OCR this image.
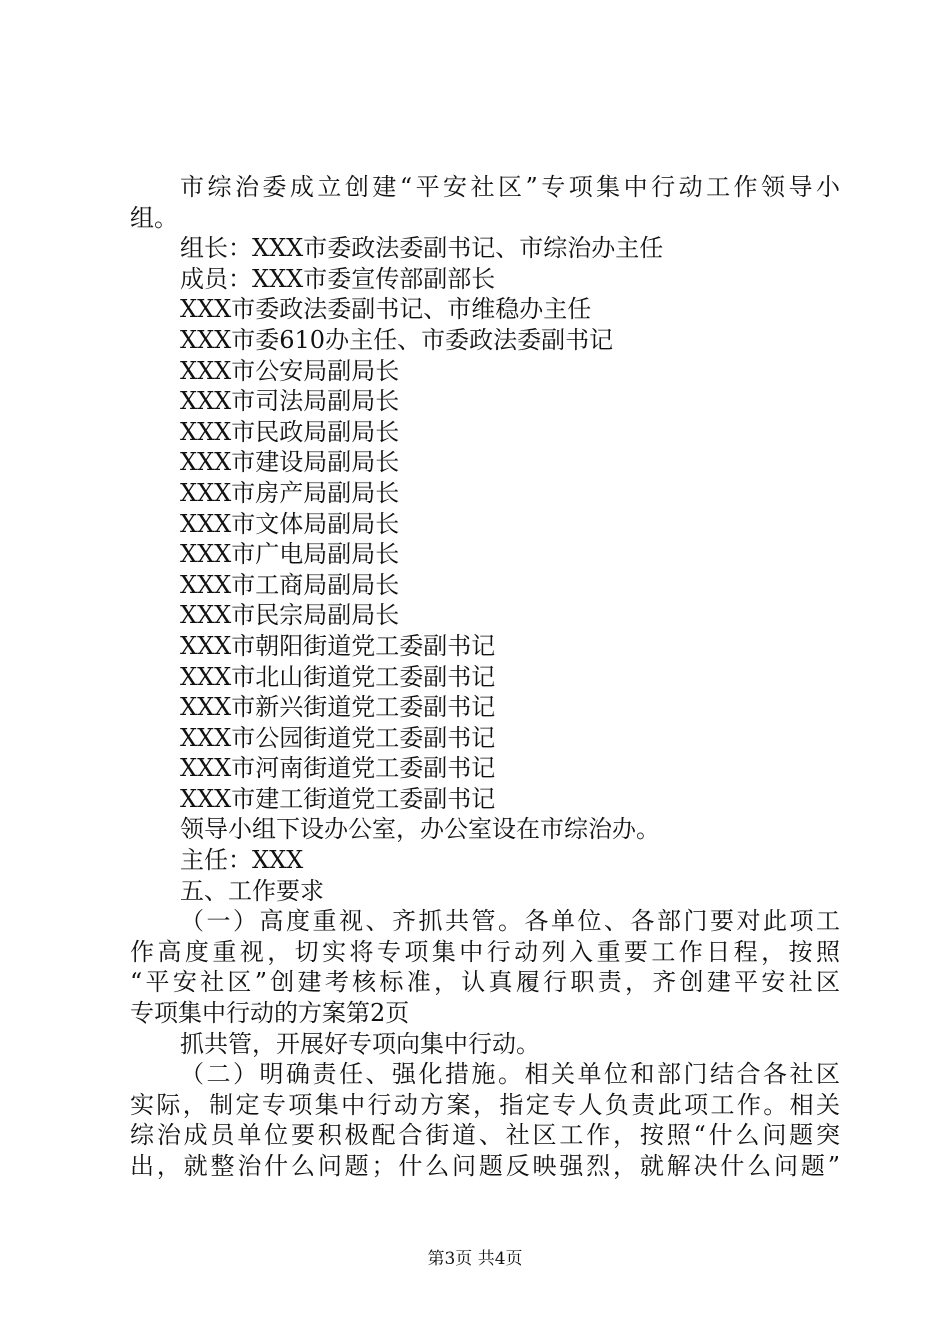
市综治委成立创建“平安社区”专项集中行动工作领导小
组。
组长：XXX市委政法委副书记、市综治办主任
成员：XXX市委宣传部副部长
XXX市委政法委副书记、市维稳办主任
XXX市委610办主任、市委政法委副书记
XXX市公安局副局长
XXX市司法局副局长
XXX市民政局副局长
XXX市建设局副局长
XXX市房产局副局长
XXX市文体局副局长
XXX市广电局副局长
XXX市工商局副局长
XXX市民宗局副局长
XXX市朝阳街道党工委副书记
XXX市北山街道党工委副书记
XXX市新兴街道党工委副书记
XXX市公园街道党工委副书记
XXX市河南街道党工委副书记
XXX市建工街道党工委副书记
领导小组下设办公室，办公室设在市综治办。
主任：XXX
五、工作要求
（一）高度重视、齐抓共管。各单位、各部门要对此项工
作高度重视，切实将专项集中行动列入重要工作日程，按照
“平安社区”创建考核标准，认真履行职责，齐创建平安社区
专项集中行动的方案第2页
抓共管，开展好专项向集中行动。
（二）明确责任、强化措施。相关单位和部门结合各社区
实际，制定专项集中行动方案，指定专人负责此项工作。相关
综治成员单位要积极配合街道、社区工作，按照“什么问题突
出，就整治什么问题；什么问题反映强烈，就解决什么问题”
第3页 共4页
